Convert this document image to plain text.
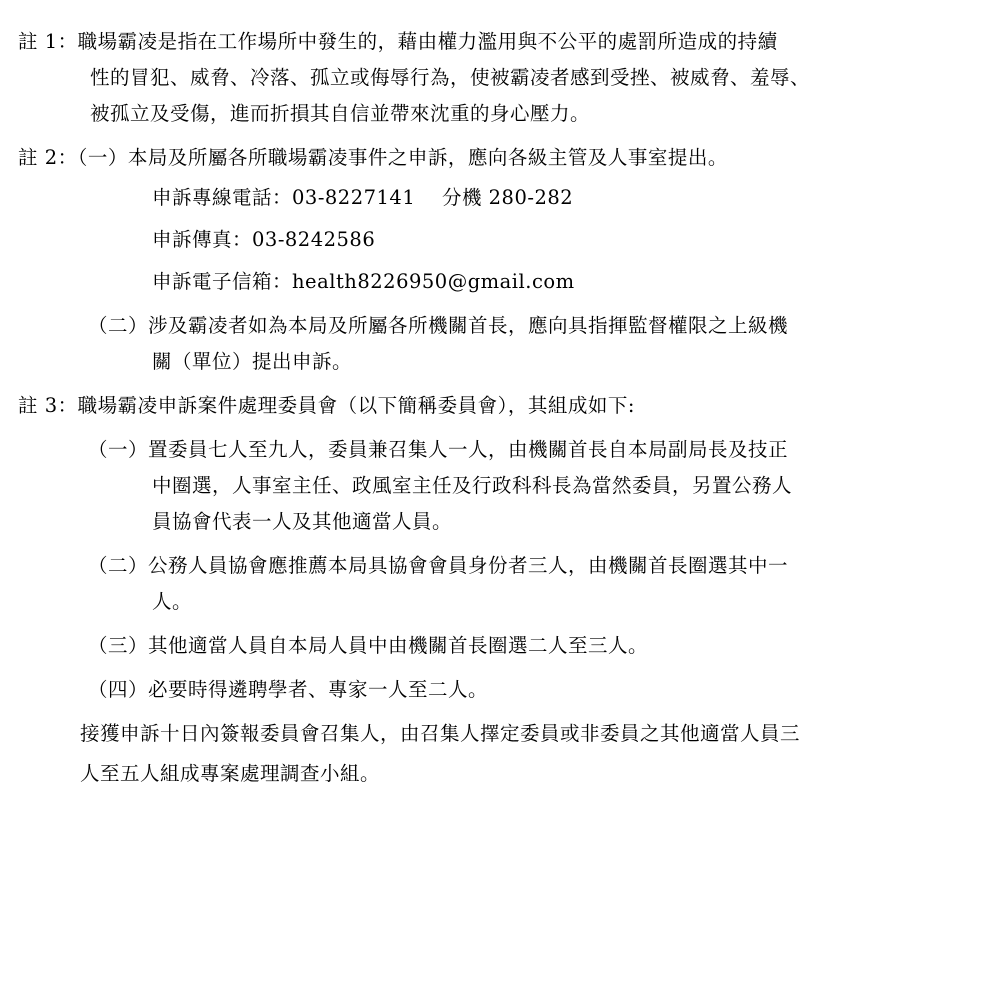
註 1：職場霸凌是指在工作場所中發生的，藉由權力濫用與不公平的處罰所造成的持續
性的冒犯、威脅、冷落、孤立或侮辱行為，使被霸凌者感到受挫、被威脅、羞辱、
被孤立及受傷，進而折損其自信並帶來沈重的身心壓力。
註 2：（一）本局及所屬各所職場霸凌事件之申訴，應向各級主管及人事室提出。
申訴專線電話：03-8227141　 分機 280-282
申訴傳真：03-8242586
申訴電子信箱：health8226950@gmail.com
（二）涉及霸凌者如為本局及所屬各所機關首長，應向具指揮監督權限之上級機
關（單位）提出申訴。
註 3：職場霸凌申訴案件處理委員會（以下簡稱委員會），其組成如下:
（一）置委員七人至九人，委員兼召集人一人，由機關首長自本局副局長及技正
中圈選，人事室主任、政風室主任及行政科科長為當然委員，另置公務人
員協會代表一人及其他適當人員。
（二）公務人員協會應推薦本局具協會會員身份者三人，由機關首長圈選其中一
人。
（三）其他適當人員自本局人員中由機關首長圈選二人至三人。
（四）必要時得遴聘學者、專家一人至二人。
接獲申訴十日內簽報委員會召集人，由召集人擇定委員或非委員之其他適當人員三
人至五人組成專案處理調查小組。
